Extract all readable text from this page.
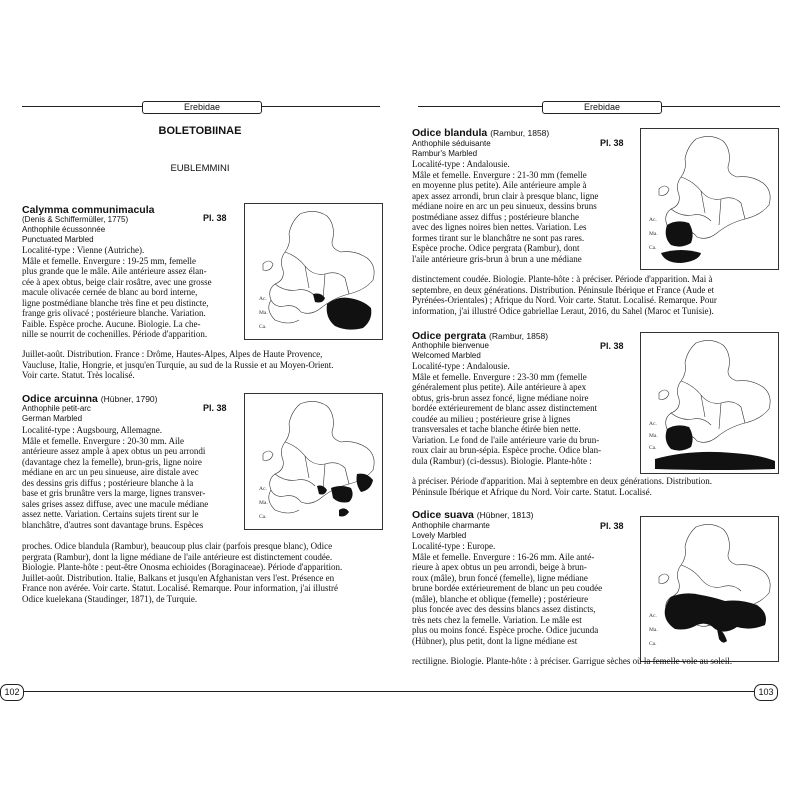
Erebidae
BOLETOBIINAE
EUBLEMMINI
Calymma communimacula
(Denis & Schiffermüller, 1775)	Pl. 38
Anthophile écussonnée
Punctuated Marbled
Ac.
Ma.
Ca.
Localité-type : Vienne (Autriche).
Mâle et femelle. Envergure : 19-25 mm, femelle
plus grande que le mâle. Aile antérieure assez élan-
cée à apex obtus, beige clair rosâtre, avec une grosse
macule olivacée cernée de blanc au bord interne,
ligne postmédiane blanche très fine et peu distincte,
frange gris olivacé ; postérieure blanche. Variation.
Faible. Espèce proche. Aucune. Biologie. La che-
nille se nourrit de cochenilles. Période d'apparition.
Juillet-août. Distribution. France : Drôme, Hautes-Alpes, Alpes de Haute Provence,
Vaucluse, Italie, Hongrie, et jusqu'en Turquie, au sud de la Russie et au Moyen-Orient.
Voir carte. Statut. Très localisé.
Odice arcuinna (Hübner, 1790)
Pl. 38
Anthophile petit-arc
German Marbled
Ac.
Ma.
Ca.
Localité-type : Augsbourg, Allemagne.
Mâle et femelle. Envergure : 20-30 mm. Aile
antérieure assez ample à apex obtus un peu arrondi
(davantage chez la femelle), brun-gris, ligne noire
médiane en arc un peu sinueuse, aire distale avec
des dessins gris diffus ; postérieure blanche à la
base et gris brunâtre vers la marge, lignes transver-
sales grises assez diffuse, avec une macule médiane
assez nette. Variation. Certains sujets tirent sur le
blanchâtre, d'autres sont davantage bruns. Espèces
proches. Odice blandula (Rambur), beaucoup plus clair (parfois presque blanc), Odice
pergrata (Rambur), dont la ligne médiane de l'aile antérieure est distinctement coudée.
Biologie. Plante-hôte : peut-être Onosma echioides (Boraginaceae). Période d'apparition.
Juillet-août. Distribution. Italie, Balkans et jusqu'en Afghanistan vers l'est. Présence en
France non avérée. Voir carte. Statut. Localisé. Remarque. Pour information, j'ai illustré
Odice kuelekana (Staudinger, 1871), de Turquie.
102
Erebidae
Odice blandula (Rambur, 1858)
Pl. 38
Anthophile séduisante
Rambur's Marbled
Ac.
Ma.
Ca.
Localité-type : Andalousie.
Mâle et femelle. Envergure : 21-30 mm (femelle
en moyenne plus petite). Aile antérieure ample à
apex assez arrondi, brun clair à presque blanc, ligne
médiane noire en arc un peu sinueux, dessins bruns
postmédiane assez diffus ; postérieure blanche
avec des lignes noires bien nettes. Variation. Les
formes tirant sur le blanchâtre ne sont pas rares.
Espèce proche. Odice pergrata (Rambur), dont
l'aile antérieure gris-brun à brun a une médiane
distinctement coudée. Biologie. Plante-hôte : à préciser. Période d'apparition. Mai à
septembre, en deux générations. Distribution. Péninsule Ibérique et France (Aude et
Pyrénées-Orientales) ; Afrique du Nord. Voir carte. Statut. Localisé. Remarque. Pour
information, j'ai illustré Odice gabriellae Leraut, 2016, du Sahel (Maroc et Tunisie).
Odice pergrata (Rambur, 1858)
Pl. 38
Anthophile bienvenue
Welcomed Marbled
Ac.
Ma.
Ca.
Localité-type : Andalousie.
Mâle et femelle. Envergure : 23-30 mm (femelle
généralement plus petite). Aile antérieure à apex
obtus, gris-brun assez foncé, ligne médiane noire
bordée extérieurement de blanc assez distinctement
coudée au milieu ; postérieure grise à lignes
transversales et tache blanche étirée bien nette.
Variation. Le fond de l'aile antérieure varie du brun-
roux clair au brun-sépia. Espèce proche. Odice blan-
dula (Rambur) (ci-dessus). Biologie. Plante-hôte :
à préciser. Période d'apparition. Mai à septembre en deux générations. Distribution.
Péninsule Ibérique et Afrique du Nord. Voir carte. Statut. Localisé.
Odice suava (Hübner, 1813)
Pl. 38
Anthophile charmante
Lovely Marbled
Ac.
Ma.
Ca.
Localité-type : Europe.
Mâle et femelle. Envergure : 16-26 mm. Aile anté-
rieure à apex obtus un peu arrondi, beige à brun-
roux (mâle), brun foncé (femelle), ligne médiane
brune bordée extérieurement de blanc un peu coudée
(mâle), blanche et oblique (femelle) ; postérieure
plus foncée avec des dessins blancs assez distincts,
très nets chez la femelle. Variation. Le mâle est
plus ou moins foncé. Espèce proche. Odice jucunda
(Hübner), plus petit, dont la ligne médiane est
rectiligne. Biologie. Plante-hôte : à préciser. Garrigue sèches où la femelle vole au soleil.
103
